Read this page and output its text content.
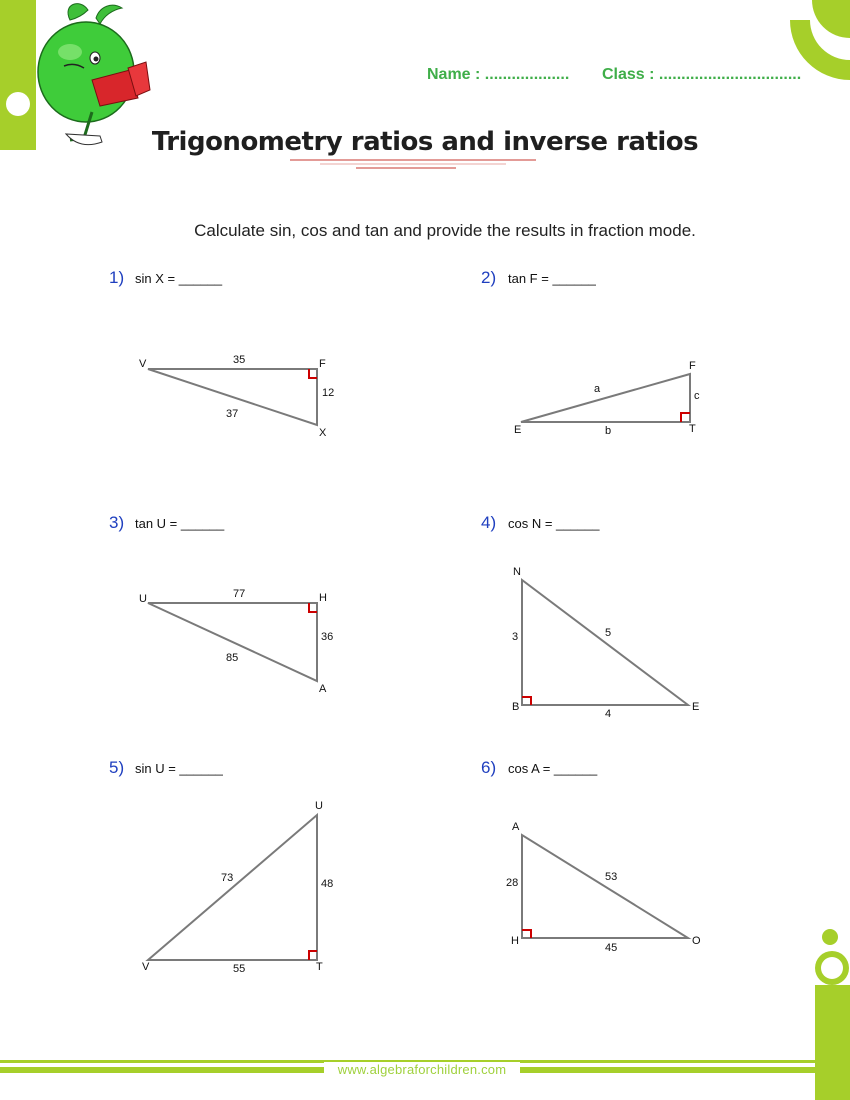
Name : ................... Class : ................................
Trigonometry ratios and inverse ratios
Calculate sin, cos and tan and provide the results in fraction mode.
1) sin X = ______
V	F
X
35
12
37
2) tan F = ______
E	T
F
a
b
c
3) tan U = ______
U	H
A
77
36
85
4) cos N = ______
N
B	E
3	5
4
5) sin U = ______
U
V	T
73	48
55
6) cos A = ______
A
H	O
28	53
45
www.algebraforchildren.com
